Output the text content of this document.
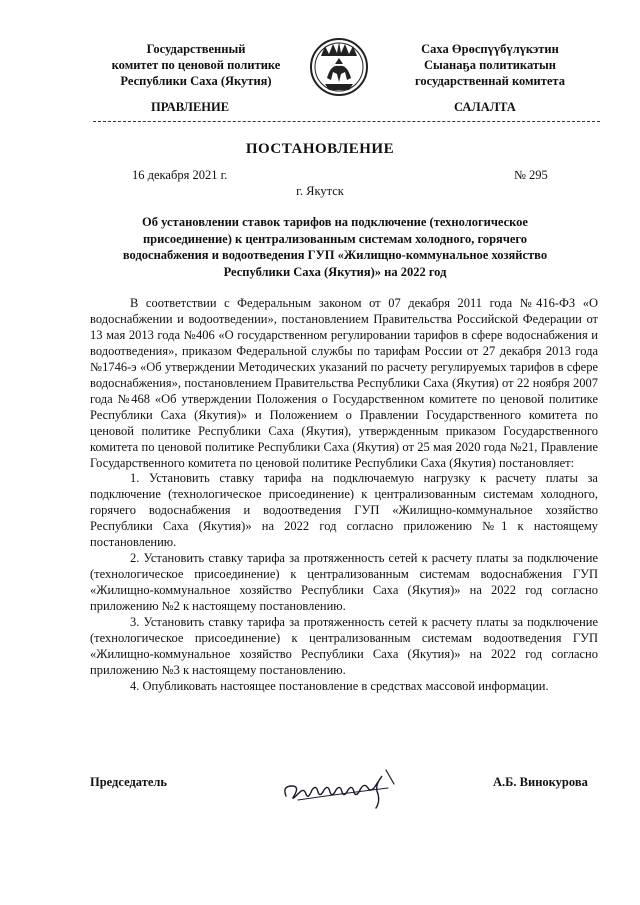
Государственный
комитет по ценовой политике
Республики Саха (Якутия)
Саха Өрөспүүбүлүкэтин
Сыанаҕа политикатын
государственнай комитета
ПРАВЛЕНИЕ	САЛАЛТА
ПОСТАНОВЛЕНИЕ
16 декабря 2021 г.	№ 295
г. Якутск
Об установлении ставок тарифов на подключение (технологическое присоединение) к централизованным системам холодного, горячего водоснабжения и водоотведения ГУП «Жилищно-коммунальное хозяйство Республики Саха (Якутия)» на 2022 год

В соответствии с Федеральным законом от 07 декабря 2011 года №416-ФЗ «О водоснабжении и водоотведении», постановлением Правительства Российской Федерации от 13 мая 2013 года №406 «О государственном регулировании тарифов в сфере водоснабжения и водоотведения», приказом Федеральной службы по тарифам России от 27 декабря 2013 года №1746-э «Об утверждении Методических указаний по расчету регулируемых тарифов в сфере водоснабжения», постановлением Правительства Республики Саха (Якутия) от 22 ноября 2007 года №468 «Об утверждении Положения о Государственном комитете по ценовой политике Республики Саха (Якутия)» и Положением о Правлении Государственного комитета по ценовой политике Республики Саха (Якутия), утвержденным приказом Государственного комитета по ценовой политике Республики Саха (Якутия) от 25 мая 2020 года №21, Правление Государственного комитета по ценовой политике Республики Саха (Якутия) постановляет:

1. Установить ставку тарифа на подключаемую нагрузку к расчету платы за подключение (технологическое присоединение) к централизованным системам холодного, горячего водоснабжения и водоотведения ГУП «Жилищно-коммунальное хозяйство Республики Саха (Якутия)» на 2022 год согласно приложению №1 к настоящему постановлению.

2. Установить ставку тарифа за протяженность сетей к расчету платы за подключение (технологическое присоединение) к централизованным системам водоснабжения ГУП «Жилищно-коммунальное хозяйство Республики Саха (Якутия)» на 2022 год согласно приложению №2 к настоящему постановлению.

3. Установить ставку тарифа за протяженность сетей к расчету платы за подключение (технологическое присоединение) к централизованным системам водоотведения ГУП «Жилищно-коммунальное хозяйство Республики Саха (Якутия)» на 2022 год согласно приложению №3 к настоящему постановлению.

4. Опубликовать настоящее постановление в средствах массовой информации.

Председатель	А.Б. Винокурова
